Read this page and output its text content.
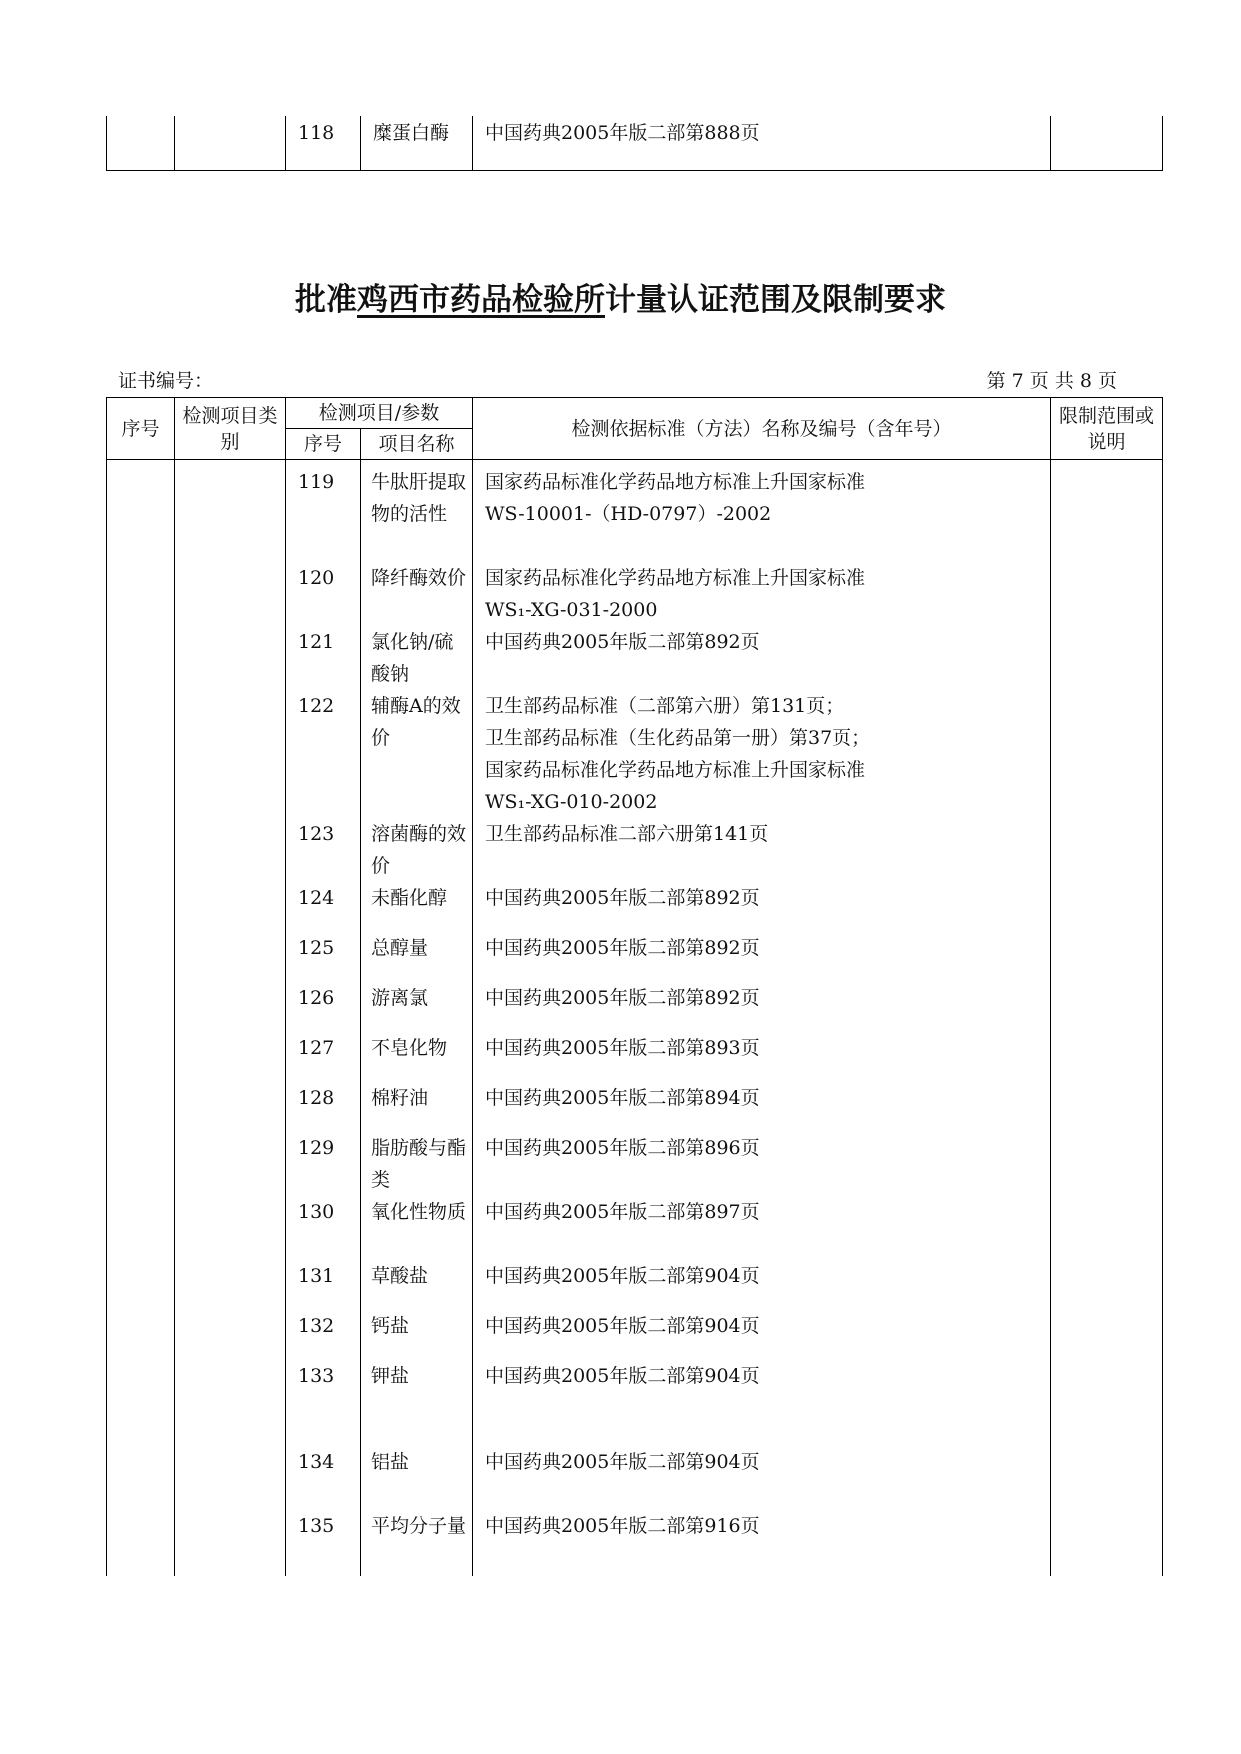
		118	糜蛋白酶	中国药典2005年版二部第888页	
批准鸡西市药品检验所计量认证范围及限制要求
证书编号：	第 7 页 共 8 页
序号	检测项目类　别	检测项目/参数		检测依据标准（方法）名称及编号（含年号）	限制范围或说明
		序号	项目名称		
		119	牛肽肝提取物的活性	国家药品标准化学药品地方标准上升国家标准
WS-10001-（HD-0797）-2002	

		120	降纤酶效价	国家药品标准化学药品地方标准上升国家标准
WS₁-XG-031-2000	

		121	氯化钠/硫酸钠	中国药典2005年版二部第892页	

		122	辅酶A的效价	卫生部药品标准（二部第六册）第131页；
卫生部药品标准（生化药品第一册）第37页；
国家药品标准化学药品地方标准上升国家标准
WS₁-XG-010-2002	

		123	溶菌酶的效价	卫生部药品标准二部六册第141页	

		124	未酯化醇	中国药典2005年版二部第892页	

		125	总醇量	中国药典2005年版二部第892页	

		126	游离氯	中国药典2005年版二部第892页	

		127	不皂化物	中国药典2005年版二部第893页	

		128	棉籽油	中国药典2005年版二部第894页	

		129	脂肪酸与酯类	中国药典2005年版二部第896页	

		130	氧化性物质	中国药典2005年版二部第897页	

		131	草酸盐	中国药典2005年版二部第904页	

		132	钙盐	中国药典2005年版二部第904页	

		133	钾盐	中国药典2005年版二部第904页	

		134	铝盐	中国药典2005年版二部第904页	

		135	平均分子量	中国药典2005年版二部第916页	
